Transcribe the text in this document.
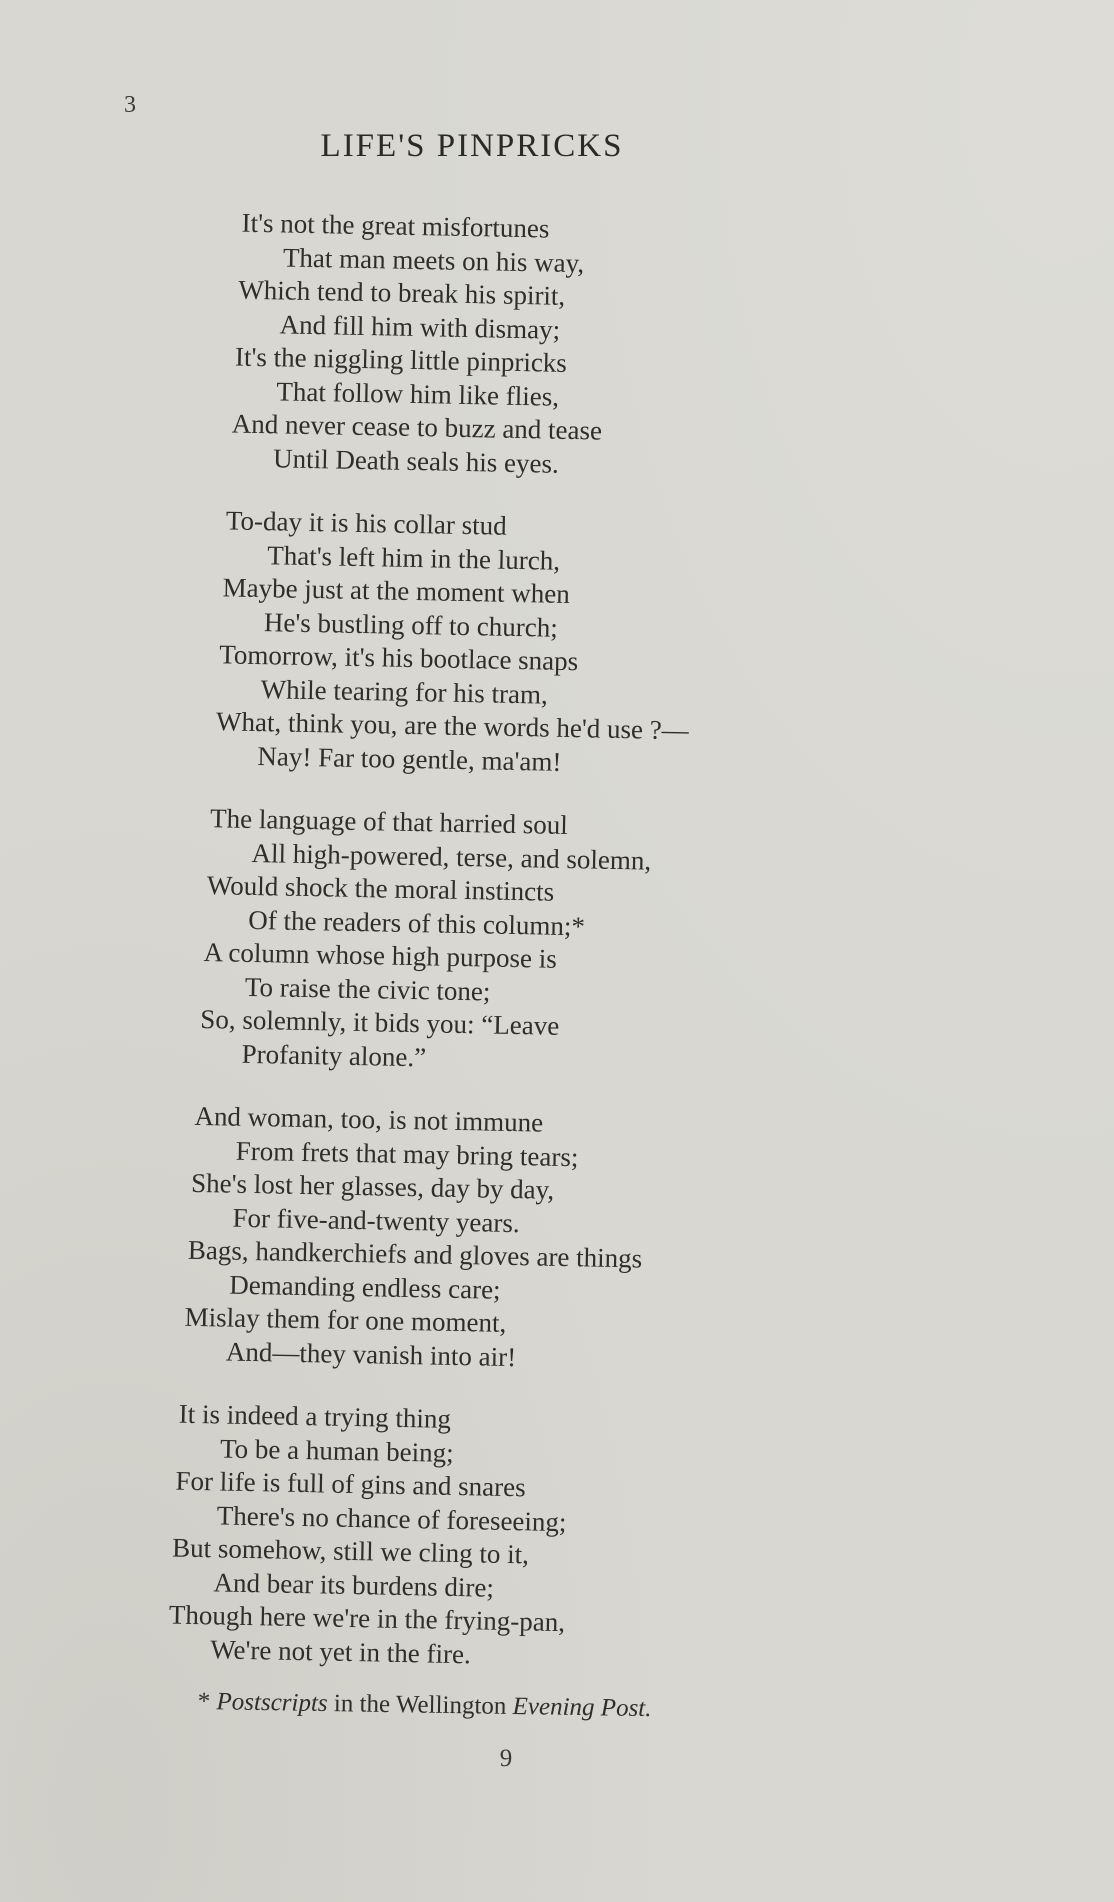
3
LIFE'S PINPRICKS
It's not the great misfortunes
That man meets on his way,
Which tend to break his spirit,
And fill him with dismay;
It's the niggling little pinpricks
That follow him like flies,
And never cease to buzz and tease
Until Death seals his eyes.
To-day it is his collar stud
That's left him in the lurch,
Maybe just at the moment when
He's bustling off to church;
Tomorrow, it's his bootlace snaps
While tearing for his tram,
What, think you, are the words he'd use ?—
Nay! Far too gentle, ma'am!
The language of that harried soul
All high-powered, terse, and solemn,
Would shock the moral instincts
Of the readers of this column;*
A column whose high purpose is
To raise the civic tone;
So, solemnly, it bids you: “Leave
Profanity alone.”
And woman, too, is not immune
From frets that may bring tears;
She's lost her glasses, day by day,
For five-and-twenty years.
Bags, handkerchiefs and gloves are things
Demanding endless care;
Mislay them for one moment,
And—they vanish into air!
It is indeed a trying thing
To be a human being;
For life is full of gins and snares
There's no chance of foreseeing;
But somehow, still we cling to it,
And bear its burdens dire;
Though here we're in the frying-pan,
We're not yet in the fire.
* Postscripts in the Wellington Evening Post.
9
